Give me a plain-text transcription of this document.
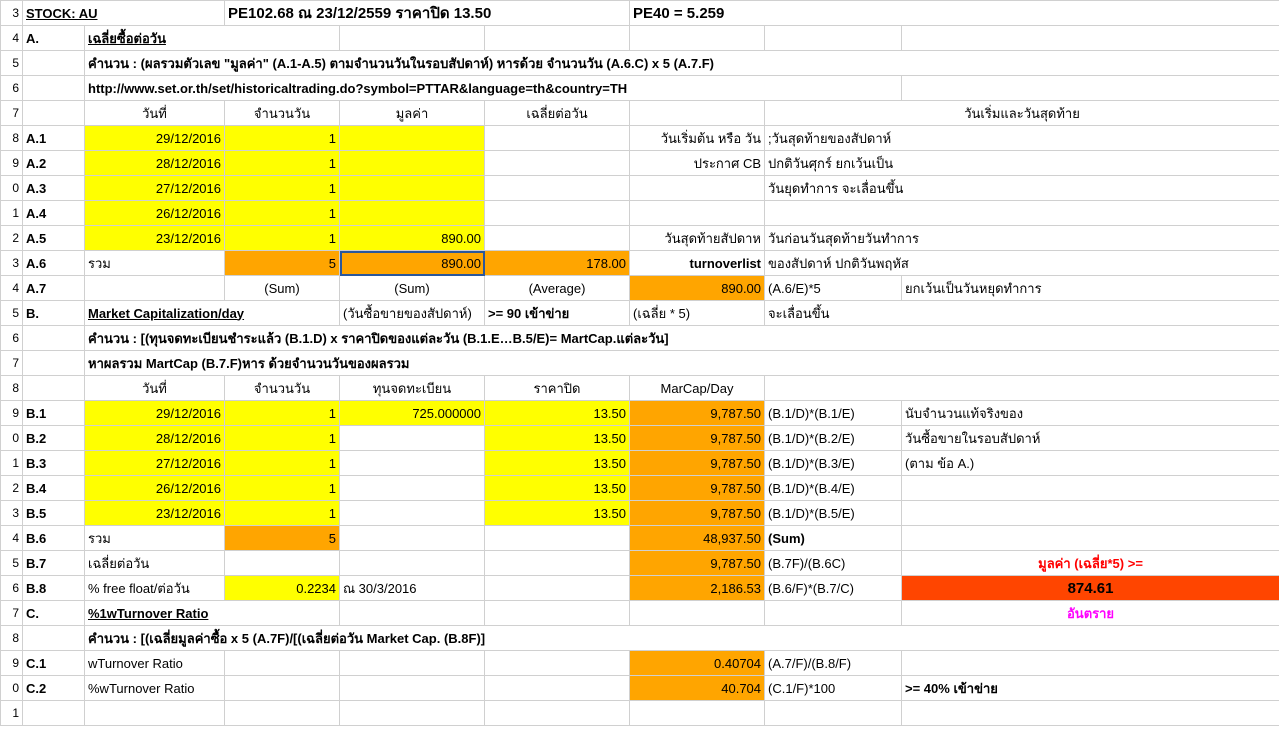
3	STOCK: AU		PE102.68 ณ 23/12/2559 ราคาปิด 13.50			PE40 = 5.259		
4	A.	เฉลี่ยซื้อต่อวัน						
5		คำนวน : (ผลรวมตัวเลข "มูลค่า" (A.1-A.5) ตามจำนวนวันในรอบสัปดาห์) หารด้วย จำนวนวัน (A.6.C) x 5 (A.7.F)						
6		http://www.set.or.th/set/historicaltrading.do?symbol=PTTAR&language=th&country=TH						
7		วันที่	จำนวนวัน	มูลค่า	เฉลี่ยต่อวัน		วันเริ่มและวันสุดท้าย	
8	A.1	29/12/2016	1			วันเริ่มต้น หรือ วัน	;วันสุดท้ายของสัปดาห์	
9	A.2	28/12/2016	1			ประกาศ CB	ปกติวันศุกร์ ยกเว้นเป็น	
0	A.3	27/12/2016	1				วันยุดทำการ จะเลื่อนขึ้น	
1	A.4	26/12/2016	1					
2	A.5	23/12/2016	1	890.00		วันสุดท้ายสัปดาห	วันก่อนวันสุดท้ายวันทำการ	
3	A.6	รวม	5	890.00	178.00	turnoverlist	ของสัปดาห์ ปกติวันพฤหัส	
4	A.7		(Sum)	(Sum)	(Average)	890.00	(A.6/E)*5	ยกเว้นเป็นวันหยุดทำการ
5	B.	Market Capitalization/day		(วันซื้อขายของสัปดาห์)	>= 90 เข้าข่าย	(เฉลี่ย * 5)	จะเลื่อนขึ้น	
6		คำนวน : [(ทุนจดทะเบียนชำระแล้ว (B.1.D) x ราคาปิดของแต่ละวัน (B.1.E…B.5/E)= MartCap.แต่ละวัน]						
7		หาผลรวม MartCap (B.7.F)หาร ด้วยจำนวนวันของผลรวม						
8		วันที่	จำนวนวัน	ทุนจดทะเบียน	ราคาปิด	MarCap/Day		
9	B.1	29/12/2016	1	725.000000	13.50	9,787.50	(B.1/D)*(B.1/E)	นับจำนวนแท้จริงของ
0	B.2	28/12/2016	1		13.50	9,787.50	(B.1/D)*(B.2/E)	วันซื้อขายในรอบสัปดาห์
1	B.3	27/12/2016	1		13.50	9,787.50	(B.1/D)*(B.3/E)	(ตาม ข้อ A.)
2	B.4	26/12/2016	1		13.50	9,787.50	(B.1/D)*(B.4/E)	
3	B.5	23/12/2016	1		13.50	9,787.50	(B.1/D)*(B.5/E)	
4	B.6	รวม	5			48,937.50	(Sum)	
5	B.7	เฉลี่ยต่อวัน				9,787.50	(B.7F)/(B.6C)	มูลค่า (เฉลี่ย*5) >=
6	B.8	% free float/ต่อวัน	0.2234	ณ 30/3/2016		2,186.53	(B.6/F)*(B.7/C)	874.61
7	C.	%1wTurnover Ratio						อันตราย
8		คำนวน : [(เฉลี่ยมูลค่าซื้อ x 5 (A.7F)/[(เฉลี่ยต่อวัน Market Cap. (B.8F)]						
9	C.1	wTurnover Ratio				0.40704	(A.7/F)/(B.8/F)	
0	C.2	%wTurnover Ratio				40.704	(C.1/F)*100	>= 40% เข้าข่าย
1								
